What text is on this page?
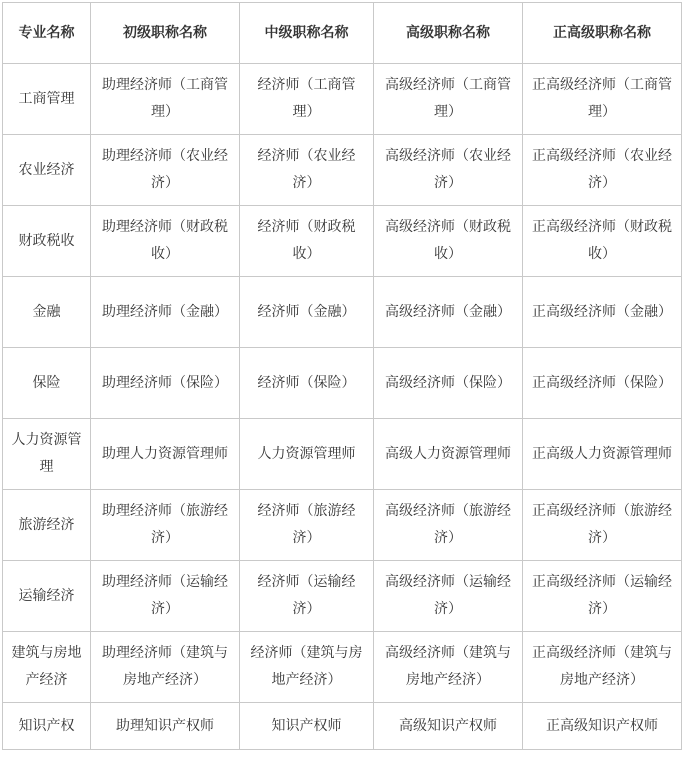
专业名称	初级职称名称	中级职称名称	高级职称名称	正高级职称名称
工商管理	助理经济师（工商管理）	经济师（工商管理）	高级经济师（工商管理）	正高级经济师（工商管理）
农业经济	助理经济师（农业经济）	经济师（农业经济）	高级经济师（农业经济）	正高级经济师（农业经济）
财政税收	助理经济师（财政税收）	经济师（财政税收）	高级经济师（财政税收）	正高级经济师（财政税收）
金融	助理经济师（金融）	经济师（金融）	高级经济师（金融）	正高级经济师（金融）
保险	助理经济师（保险）	经济师（保险）	高级经济师（保险）	正高级经济师（保险）
人力资源管理	助理人力资源管理师	人力资源管理师	高级人力资源管理师	正高级人力资源管理师
旅游经济	助理经济师（旅游经济）	经济师（旅游经济）	高级经济师（旅游经济）	正高级经济师（旅游经济）
运输经济	助理经济师（运输经济）	经济师（运输经济）	高级经济师（运输经济）	正高级经济师（运输经济）
建筑与房地产经济	助理经济师（建筑与房地产经济）	经济师（建筑与房地产经济）	高级经济师（建筑与房地产经济）	正高级经济师（建筑与房地产经济）
知识产权	助理知识产权师	知识产权师	高级知识产权师	正高级知识产权师
